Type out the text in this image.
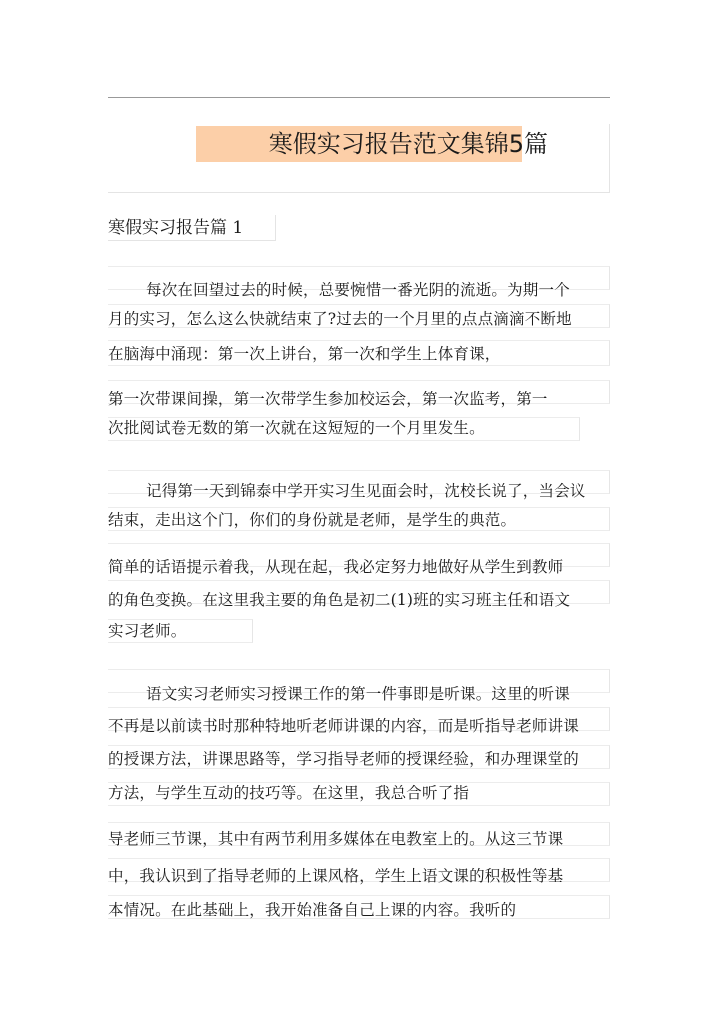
寒假实习报告范文集锦5篇
寒假实习报告篇 1
每次在回望过去的时候，总要惋惜一番光阴的流逝。为期一个
月的实习，怎么这么快就结束了?过去的一个月里的点点滴滴不断地
在脑海中涌现：第一次上讲台，第一次和学生上体育课，
第一次带课间操，第一次带学生参加校运会，第一次监考，第一
次批阅试卷无数的第一次就在这短短的一个月里发生。
记得第一天到锦泰中学开实习生见面会时，沈校长说了，当会议
结束，走出这个门，你们的身份就是老师，是学生的典范。
简单的话语提示着我，从现在起，我必定努力地做好从学生到教师
的角色变换。在这里我主要的角色是初二(1)班的实习班主任和语文
实习老师。
语文实习老师实习授课工作的第一件事即是听课。这里的听课
不再是以前读书时那种特地听老师讲课的内容，而是听指导老师讲课
的授课方法，讲课思路等，学习指导老师的授课经验，和办理课堂的
方法，与学生互动的技巧等。在这里，我总合听了指
导老师三节课，其中有两节利用多媒体在电教室上的。从这三节课
中，我认识到了指导老师的上课风格，学生上语文课的积极性等基
本情况。在此基础上，我开始准备自己上课的内容。我听的
